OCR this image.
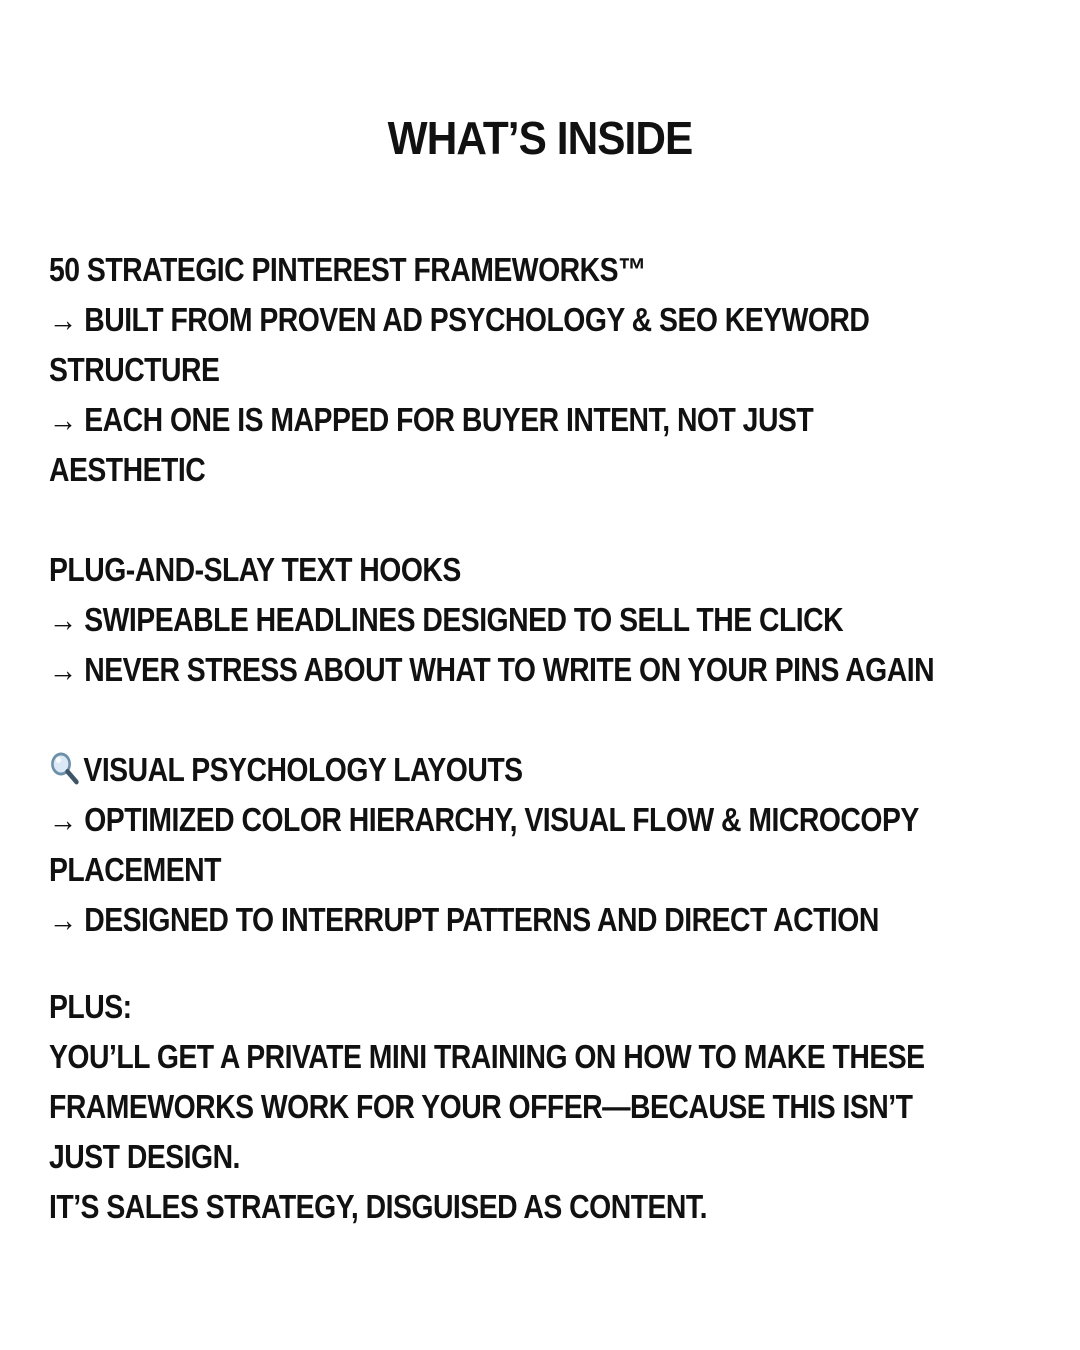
WHAT’S INSIDE
50 STRATEGIC PINTEREST FRAMEWORKS™
→ BUILT FROM PROVEN AD PSYCHOLOGY & SEO KEYWORD
STRUCTURE
→ EACH ONE IS MAPPED FOR BUYER INTENT, NOT JUST
AESTHETIC
PLUG-AND-SLAY TEXT HOOKS
→ SWIPEABLE HEADLINES DESIGNED TO SELL THE CLICK
→ NEVER STRESS ABOUT WHAT TO WRITE ON YOUR PINS AGAIN
VISUAL PSYCHOLOGY LAYOUTS
→ OPTIMIZED COLOR HIERARCHY, VISUAL FLOW & MICROCOPY
PLACEMENT
→ DESIGNED TO INTERRUPT PATTERNS AND DIRECT ACTION
PLUS:
YOU’LL GET A PRIVATE MINI TRAINING ON HOW TO MAKE THESE
FRAMEWORKS WORK FOR YOUR OFFER—BECAUSE THIS ISN’T
JUST DESIGN.
IT’S SALES STRATEGY, DISGUISED AS CONTENT.
